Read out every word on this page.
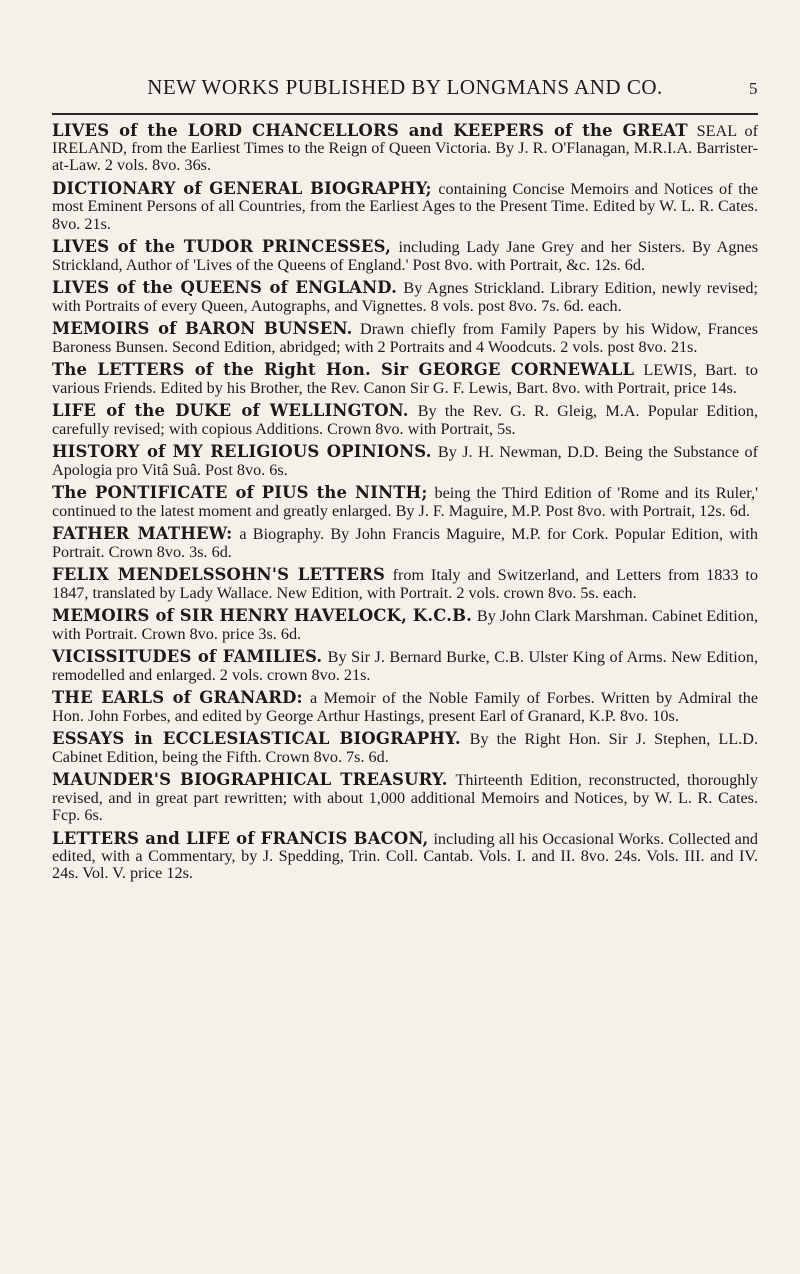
NEW WORKS PUBLISHED BY LONGMANS AND CO.	5

LIVES of the LORD CHANCELLORS and KEEPERS of the GREAT SEAL of IRELAND, from the Earliest Times to the Reign of Queen Victoria. By J. R. O'Flanagan, M.R.I.A. Barrister-at-Law. 2 vols. 8vo. 36s.

DICTIONARY of GENERAL BIOGRAPHY; containing Concise Memoirs and Notices of the most Eminent Persons of all Countries, from the Earliest Ages to the Present Time. Edited by W. L. R. Cates. 8vo. 21s.

LIVES of the TUDOR PRINCESSES, including Lady Jane Grey and her Sisters. By Agnes Strickland, Author of 'Lives of the Queens of England.' Post 8vo. with Portrait, &c. 12s. 6d.

LIVES of the QUEENS of ENGLAND. By Agnes Strickland. Library Edition, newly revised; with Portraits of every Queen, Autographs, and Vignettes. 8 vols. post 8vo. 7s. 6d. each.

MEMOIRS of BARON BUNSEN. Drawn chiefly from Family Papers by his Widow, Frances Baroness Bunsen. Second Edition, abridged; with 2 Portraits and 4 Woodcuts. 2 vols. post 8vo. 21s.

The LETTERS of the Right Hon. Sir GEORGE CORNEWALL LEWIS, Bart. to various Friends. Edited by his Brother, the Rev. Canon Sir G. F. Lewis, Bart. 8vo. with Portrait, price 14s.

LIFE of the DUKE of WELLINGTON. By the Rev. G. R. Gleig, M.A. Popular Edition, carefully revised; with copious Additions. Crown 8vo. with Portrait, 5s.

HISTORY of MY RELIGIOUS OPINIONS. By J. H. Newman, D.D. Being the Substance of Apologia pro Vitâ Suâ. Post 8vo. 6s.

The PONTIFICATE of PIUS the NINTH; being the Third Edition of 'Rome and its Ruler,' continued to the latest moment and greatly enlarged. By J. F. Maguire, M.P. Post 8vo. with Portrait, 12s. 6d.

FATHER MATHEW: a Biography. By John Francis Maguire, M.P. for Cork. Popular Edition, with Portrait. Crown 8vo. 3s. 6d.

FELIX MENDELSSOHN'S LETTERS from Italy and Switzerland, and Letters from 1833 to 1847, translated by Lady Wallace. New Edition, with Portrait. 2 vols. crown 8vo. 5s. each.

MEMOIRS of SIR HENRY HAVELOCK, K.C.B. By John Clark Marshman. Cabinet Edition, with Portrait. Crown 8vo. price 3s. 6d.

VICISSITUDES of FAMILIES. By Sir J. Bernard Burke, C.B. Ulster King of Arms. New Edition, remodelled and enlarged. 2 vols. crown 8vo. 21s.

THE EARLS of GRANARD: a Memoir of the Noble Family of Forbes. Written by Admiral the Hon. John Forbes, and edited by George Arthur Hastings, present Earl of Granard, K.P. 8vo. 10s.

ESSAYS in ECCLESIASTICAL BIOGRAPHY. By the Right Hon. Sir J. Stephen, LL.D. Cabinet Edition, being the Fifth. Crown 8vo. 7s. 6d.

MAUNDER'S BIOGRAPHICAL TREASURY. Thirteenth Edition, reconstructed, thoroughly revised, and in great part rewritten; with about 1,000 additional Memoirs and Notices, by W. L. R. Cates. Fcp. 6s.

LETTERS and LIFE of FRANCIS BACON, including all his Occasional Works. Collected and edited, with a Commentary, by J. Spedding, Trin. Coll. Cantab. Vols. I. and II. 8vo. 24s. Vols. III. and IV. 24s. Vol. V. price 12s.
